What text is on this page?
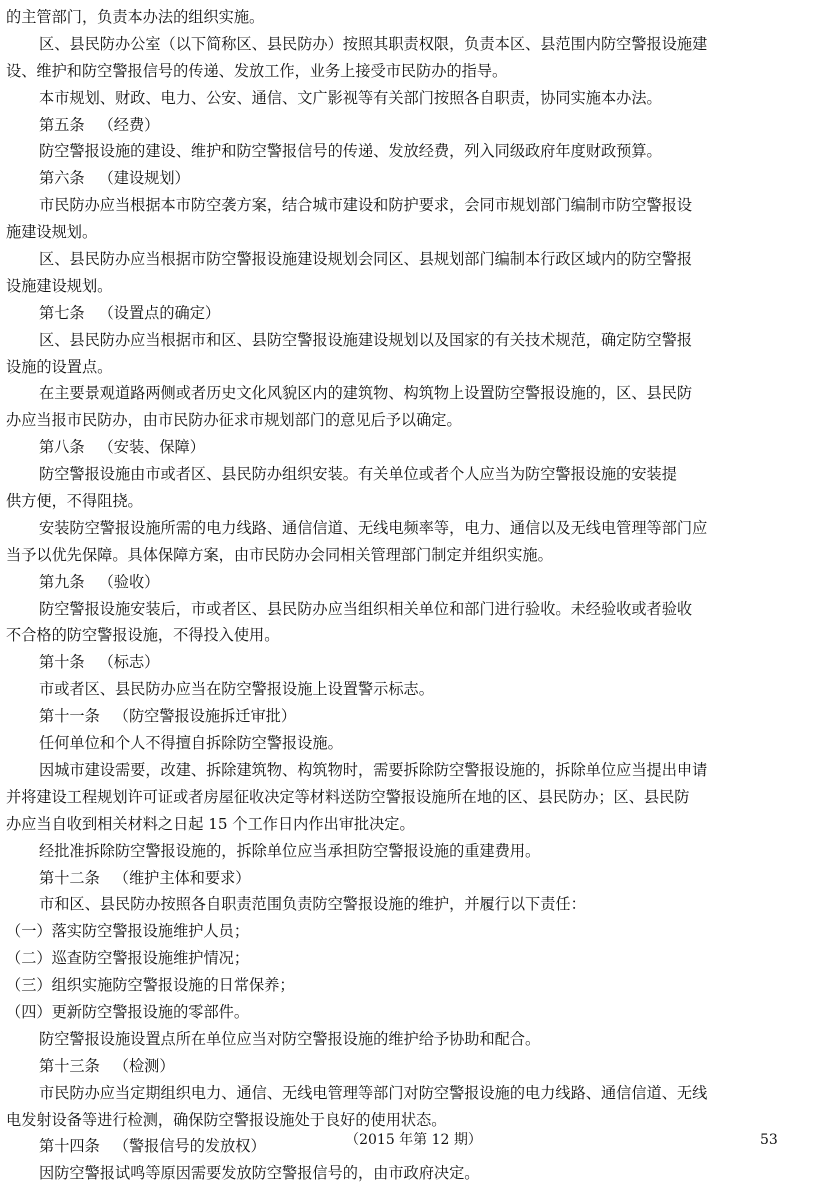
的主管部门，负责本办法的组织实施。
区、县民防办公室（以下简称区、县民防办）按照其职责权限，负责本区、县范围内防空警报设施建
设、维护和防空警报信号的传递、发放工作，业务上接受市民防办的指导。
本市规划、财政、电力、公安、通信、文广影视等有关部门按照各自职责，协同实施本办法。
第五条 （经费）
防空警报设施的建设、维护和防空警报信号的传递、发放经费，列入同级政府年度财政预算。
第六条 （建设规划）
市民防办应当根据本市防空袭方案，结合城市建设和防护要求，会同市规划部门编制市防空警报设
施建设规划。
区、县民防办应当根据市防空警报设施建设规划会同区、县规划部门编制本行政区域内的防空警报
设施建设规划。
第七条 （设置点的确定）
区、县民防办应当根据市和区、县防空警报设施建设规划以及国家的有关技术规范，确定防空警报
设施的设置点。
在主要景观道路两侧或者历史文化风貌区内的建筑物、构筑物上设置防空警报设施的，区、县民防
办应当报市民防办，由市民防办征求市规划部门的意见后予以确定。
第八条 （安装、保障）
防空警报设施由市或者区、县民防办组织安装。有关单位或者个人应当为防空警报设施的安装提
供方便，不得阻挠。
安装防空警报设施所需的电力线路、通信信道、无线电频率等，电力、通信以及无线电管理等部门应
当予以优先保障。具体保障方案，由市民防办会同相关管理部门制定并组织实施。
第九条 （验收）
防空警报设施安装后，市或者区、县民防办应当组织相关单位和部门进行验收。未经验收或者验收
不合格的防空警报设施，不得投入使用。
第十条 （标志）
市或者区、县民防办应当在防空警报设施上设置警示标志。
第十一条 （防空警报设施拆迁审批）
任何单位和个人不得擅自拆除防空警报设施。
因城市建设需要，改建、拆除建筑物、构筑物时，需要拆除防空警报设施的，拆除单位应当提出申请
并将建设工程规划许可证或者房屋征收决定等材料送防空警报设施所在地的区、县民防办；区、县民防
办应当自收到相关材料之日起 15 个工作日内作出审批决定。
经批准拆除防空警报设施的，拆除单位应当承担防空警报设施的重建费用。
第十二条 （维护主体和要求）
市和区、县民防办按照各自职责范围负责防空警报设施的维护，并履行以下责任：
（一）落实防空警报设施维护人员；
（二）巡查防空警报设施维护情况；
（三）组织实施防空警报设施的日常保养；
（四）更新防空警报设施的零部件。
防空警报设施设置点所在单位应当对防空警报设施的维护给予协助和配合。
第十三条 （检测）
市民防办应当定期组织电力、通信、无线电管理等部门对防空警报设施的电力线路、通信信道、无线
电发射设备等进行检测，确保防空警报设施处于良好的使用状态。
第十四条 （警报信号的发放权）
因防空警报试鸣等原因需要发放防空警报信号的，由市政府决定。
（2015 年第 12 期）	53
